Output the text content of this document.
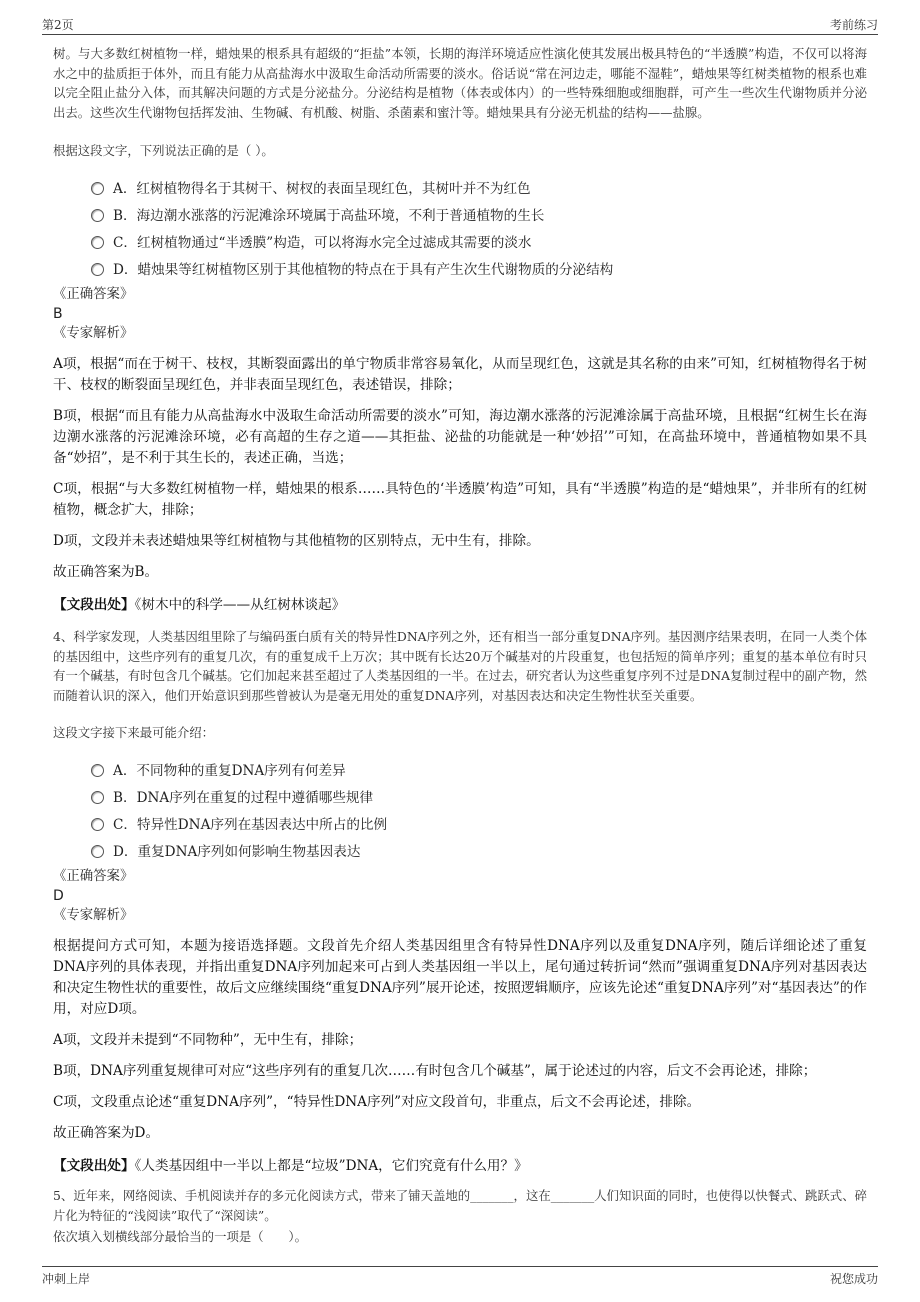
第2页	考前练习

树。与大多数红树植物一样，蜡烛果的根系具有超级的“拒盐”本领，长期的海洋环境适应性演化使其发展出极具特色的“半透膜”构造，不仅可以将海水之中的盐质拒于体外，而且有能力从高盐海水中汲取生命活动所需要的淡水。俗话说“常在河边走，哪能不湿鞋”，蜡烛果等红树类植物的根系也难以完全阻止盐分入体，而其解决问题的方式是分泌盐分。分泌结构是植物（体表或体内）的一些特殊细胞或细胞群，可产生一些次生代谢物质并分泌出去。这些次生代谢物包括挥发油、生物碱、有机酸、树脂、杀菌素和蜜汁等。蜡烛果具有分泌无机盐的结构——盐腺。

根据这段文字，下列说法正确的是（ ）。

A．红树植物得名于其树干、树杈的表面呈现红色，其树叶并不为红色
B．海边潮水涨落的污泥滩涂环境属于高盐环境，不利于普通植物的生长
C．红树植物通过“半透膜”构造，可以将海水完全过滤成其需要的淡水
D．蜡烛果等红树植物区别于其他植物的特点在于具有产生次生代谢物质的分泌结构

《正确答案》

B

《专家解析》

A项，根据“而在于树干、枝杈，其断裂面露出的单宁物质非常容易氧化，从而呈现红色，这就是其名称的由来”可知，红树植物得名于树干、枝杈的断裂面呈现红色，并非表面呈现红色，表述错误，排除；

B项，根据“而且有能力从高盐海水中汲取生命活动所需要的淡水”可知，海边潮水涨落的污泥滩涂属于高盐环境，且根据“红树生长在海边潮水涨落的污泥滩涂环境，必有高超的生存之道——其拒盐、泌盐的功能就是一种‘妙招’”可知，在高盐环境中，普通植物如果不具备“妙招”，是不利于其生长的，表述正确，当选；

C项，根据“与大多数红树植物一样，蜡烛果的根系……具特色的‘半透膜’构造”可知，具有“半透膜”构造的是“蜡烛果”，并非所有的红树植物，概念扩大，排除；

D项，文段并未表述蜡烛果等红树植物与其他植物的区别特点，无中生有，排除。

故正确答案为B。

【文段出处】《树木中的科学——从红树林谈起》

4、科学家发现，人类基因组里除了与编码蛋白质有关的特异性DNA序列之外，还有相当一部分重复DNA序列。基因测序结果表明，在同一人类个体的基因组中，这些序列有的重复几次，有的重复成千上万次；其中既有长达20万个碱基对的片段重复，也包括短的简单序列；重复的基本单位有时只有一个碱基，有时包含几个碱基。它们加起来甚至超过了人类基因组的一半。在过去，研究者认为这些重复序列不过是DNA复制过程中的副产物，然而随着认识的深入，他们开始意识到那些曾被认为是毫无用处的重复DNA序列，对基因表达和决定生物性状至关重要。

这段文字接下来最可能介绍：

A．不同物种的重复DNA序列有何差异
B．DNA序列在重复的过程中遵循哪些规律
C．特异性DNA序列在基因表达中所占的比例
D．重复DNA序列如何影响生物基因表达

《正确答案》

D

《专家解析》

根据提问方式可知，本题为接语选择题。文段首先介绍人类基因组里含有特异性DNA序列以及重复DNA序列，随后详细论述了重复DNA序列的具体表现，并指出重复DNA序列加起来可占到人类基因组一半以上，尾句通过转折词“然而”强调重复DNA序列对基因表达和决定生物性状的重要性，故后文应继续围绕“重复DNA序列”展开论述，按照逻辑顺序，应该先论述“重复DNA序列”对“基因表达”的作用，对应D项。

A项，文段并未提到“不同物种”，无中生有，排除；

B项，DNA序列重复规律可对应“这些序列有的重复几次……有时包含几个碱基”，属于论述过的内容，后文不会再论述，排除；

C项，文段重点论述“重复DNA序列”，“特异性DNA序列”对应文段首句，非重点，后文不会再论述，排除。

故正确答案为D。

【文段出处】《人类基因组中一半以上都是“垃圾”DNA，它们究竟有什么用？》

5、近年来，网络阅读、手机阅读并存的多元化阅读方式，带来了铺天盖地的_______，这在_______人们知识面的同时，也使得以快餐式、跳跃式、碎片化为特征的“浅阅读”取代了“深阅读”。

依次填入划横线部分最恰当的一项是（　　）。

冲刺上岸	祝您成功
